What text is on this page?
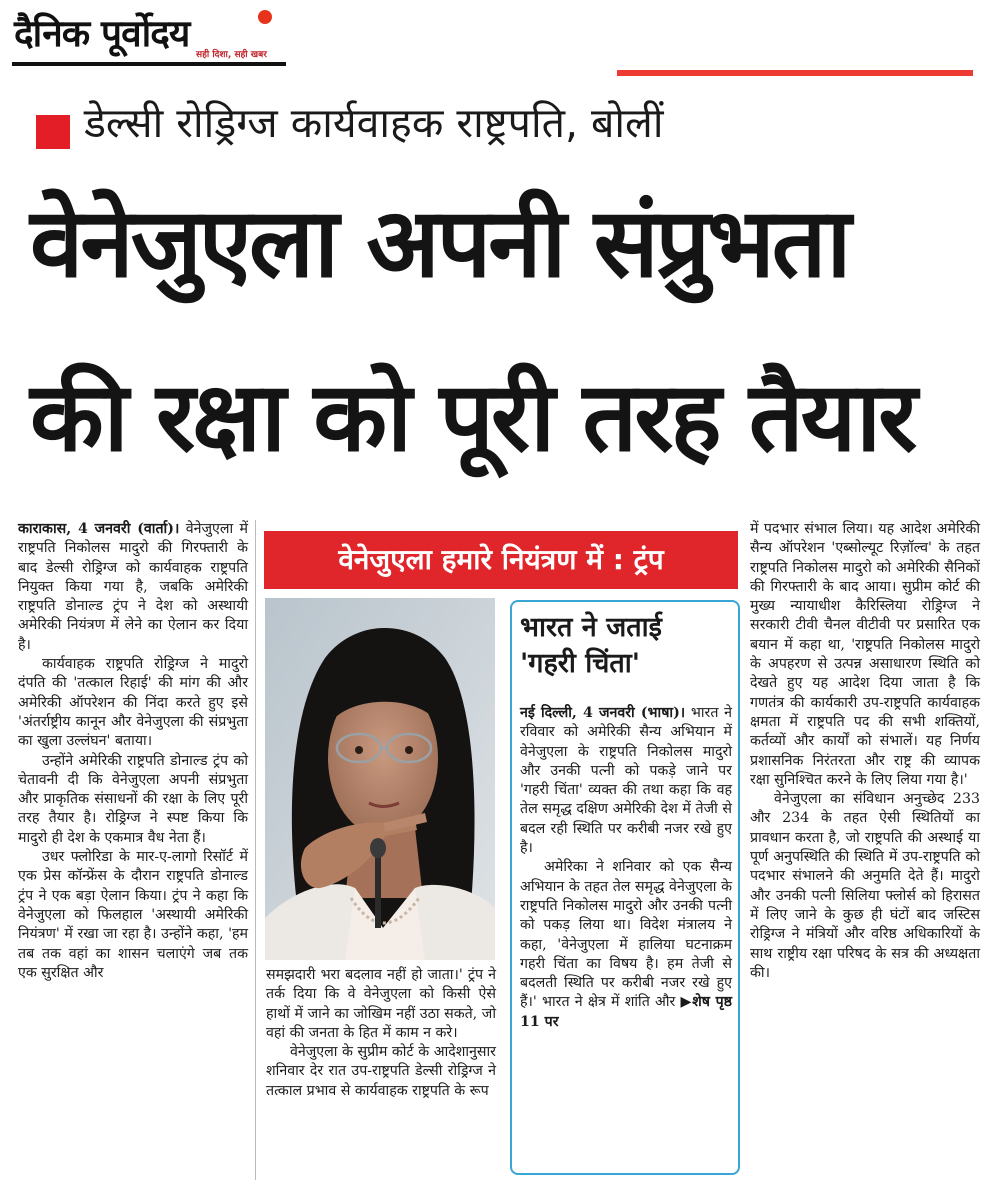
दैनिक पूर्वोदय सही दिशा, सही खबर
डेल्सी रोड्रिग्ज कार्यवाहक राष्ट्रपति, बोलीं
वेनेजुएला अपनी संप्रुभता
की रक्षा को पूरी तरह तैयार

काराकास, 4 जनवरी (वार्ता)। वेनेजुएला में राष्ट्रपति निकोलस मादुरो की गिरफ्तारी के बाद डेल्सी रोड्रिग्ज को कार्यवाहक राष्ट्रपति नियुक्त किया गया है, जबकि अमेरिकी राष्ट्रपति डोनाल्ड ट्रंप ने देश को अस्थायी अमेरिकी नियंत्रण में लेने का ऐलान कर दिया है।

कार्यवाहक राष्ट्रपति रोड्रिग्ज ने मादुरो दंपति की 'तत्काल रिहाई' की मांग की और अमेरिकी ऑपरेशन की निंदा करते हुए इसे 'अंतर्राष्ट्रीय कानून और वेनेजुएला की संप्रभुता का खुला उल्लंघन' बताया।

उन्होंने अमेरिकी राष्ट्रपति डोनाल्ड ट्रंप को चेतावनी दी कि वेनेजुएला अपनी संप्रभुता और प्राकृतिक संसाधनों की रक्षा के लिए पूरी तरह तैयार है। रोड्रिग्ज ने स्पष्ट किया कि मादुरो ही देश के एकमात्र वैध नेता हैं।

उधर फ्लोरिडा के मार-ए-लागो रिसॉर्ट में एक प्रेस कॉन्फ्रेंस के दौरान राष्ट्रपति डोनाल्ड ट्रंप ने एक बड़ा ऐलान किया। ट्रंप ने कहा कि वेनेजुएला को फिलहाल 'अस्थायी अमेरिकी नियंत्रण' में रखा जा रहा है। उन्होंने कहा, 'हम तब तक वहां का शासन चलाएंगे जब तक एक सुरक्षित और

वेनेजुएला हमारे नियंत्रण में : ट्रंप

समझदारी भरा बदलाव नहीं हो जाता।' ट्रंप ने तर्क दिया कि वे वेनेजुएला को किसी ऐसे हाथों में जाने का जोखिम नहीं उठा सकते, जो वहां की जनता के हित में काम न करे।

वेनेजुएला के सुप्रीम कोर्ट के आदेशानुसार शनिवार देर रात उप-राष्ट्रपति डेल्सी रोड्रिग्ज ने तत्काल प्रभाव से कार्यवाहक राष्ट्रपति के रूप

भारत ने जताई
'गहरी चिंता'

नई दिल्ली, 4 जनवरी (भाषा)। भारत ने रविवार को अमेरिकी सैन्य अभियान में वेनेजुएला के राष्ट्रपति निकोलस मादुरो और उनकी पत्नी को पकड़े जाने पर 'गहरी चिंता' व्यक्त की तथा कहा कि वह तेल समृद्ध दक्षिण अमेरिकी देश में तेजी से बदल रही स्थिति पर करीबी नजर रखे हुए है।

अमेरिका ने शनिवार को एक सैन्य अभियान के तहत तेल समृद्ध वेनेजुएला के राष्ट्रपति निकोलस मादुरो और उनकी पत्नी को पकड़ लिया था। विदेश मंत्रालय ने कहा, 'वेनेजुएला में हालिया घटनाक्रम गहरी चिंता का विषय है। हम तेजी से बदलती स्थिति पर करीबी नजर रखे हुए हैं।' भारत ने क्षेत्र में शांति और ▶शेष पृष्ठ 11 पर

में पदभार संभाल लिया। यह आदेश अमेरिकी सैन्य ऑपरेशन 'एब्सोल्यूट रिज़ॉल्व' के तहत राष्ट्रपति निकोलस मादुरो को अमेरिकी सैनिकों की गिरफ्तारी के बाद आया। सुप्रीम कोर्ट की मुख्य न्यायाधीश कैरिस्लिया रोड्रिग्ज ने सरकारी टीवी चैनल वीटीवी पर प्रसारित एक बयान में कहा था, 'राष्ट्रपति निकोलस मादुरो के अपहरण से उत्पन्न असाधारण स्थिति को देखते हुए यह आदेश दिया जाता है कि गणतंत्र की कार्यकारी उप-राष्ट्रपति कार्यवाहक क्षमता में राष्ट्रपति पद की सभी शक्तियों, कर्तव्यों और कार्यों को संभालें। यह निर्णय प्रशासनिक निरंतरता और राष्ट्र की व्यापक रक्षा सुनिश्चित करने के लिए लिया गया है।'

वेनेजुएला का संविधान अनुच्छेद 233 और 234 के तहत ऐसी स्थितियों का प्रावधान करता है, जो राष्ट्रपति की अस्थाई या पूर्ण अनुपस्थिति की स्थिति में उप-राष्ट्रपति को पदभार संभालने की अनुमति देते हैं। मादुरो और उनकी पत्नी सिलिया फ्लोर्स को हिरासत में लिए जाने के कुछ ही घंटों बाद जस्टिस रोड्रिग्ज ने मंत्रियों और वरिष्ठ अधिकारियों के साथ राष्ट्रीय रक्षा परिषद के सत्र की अध्यक्षता की।
